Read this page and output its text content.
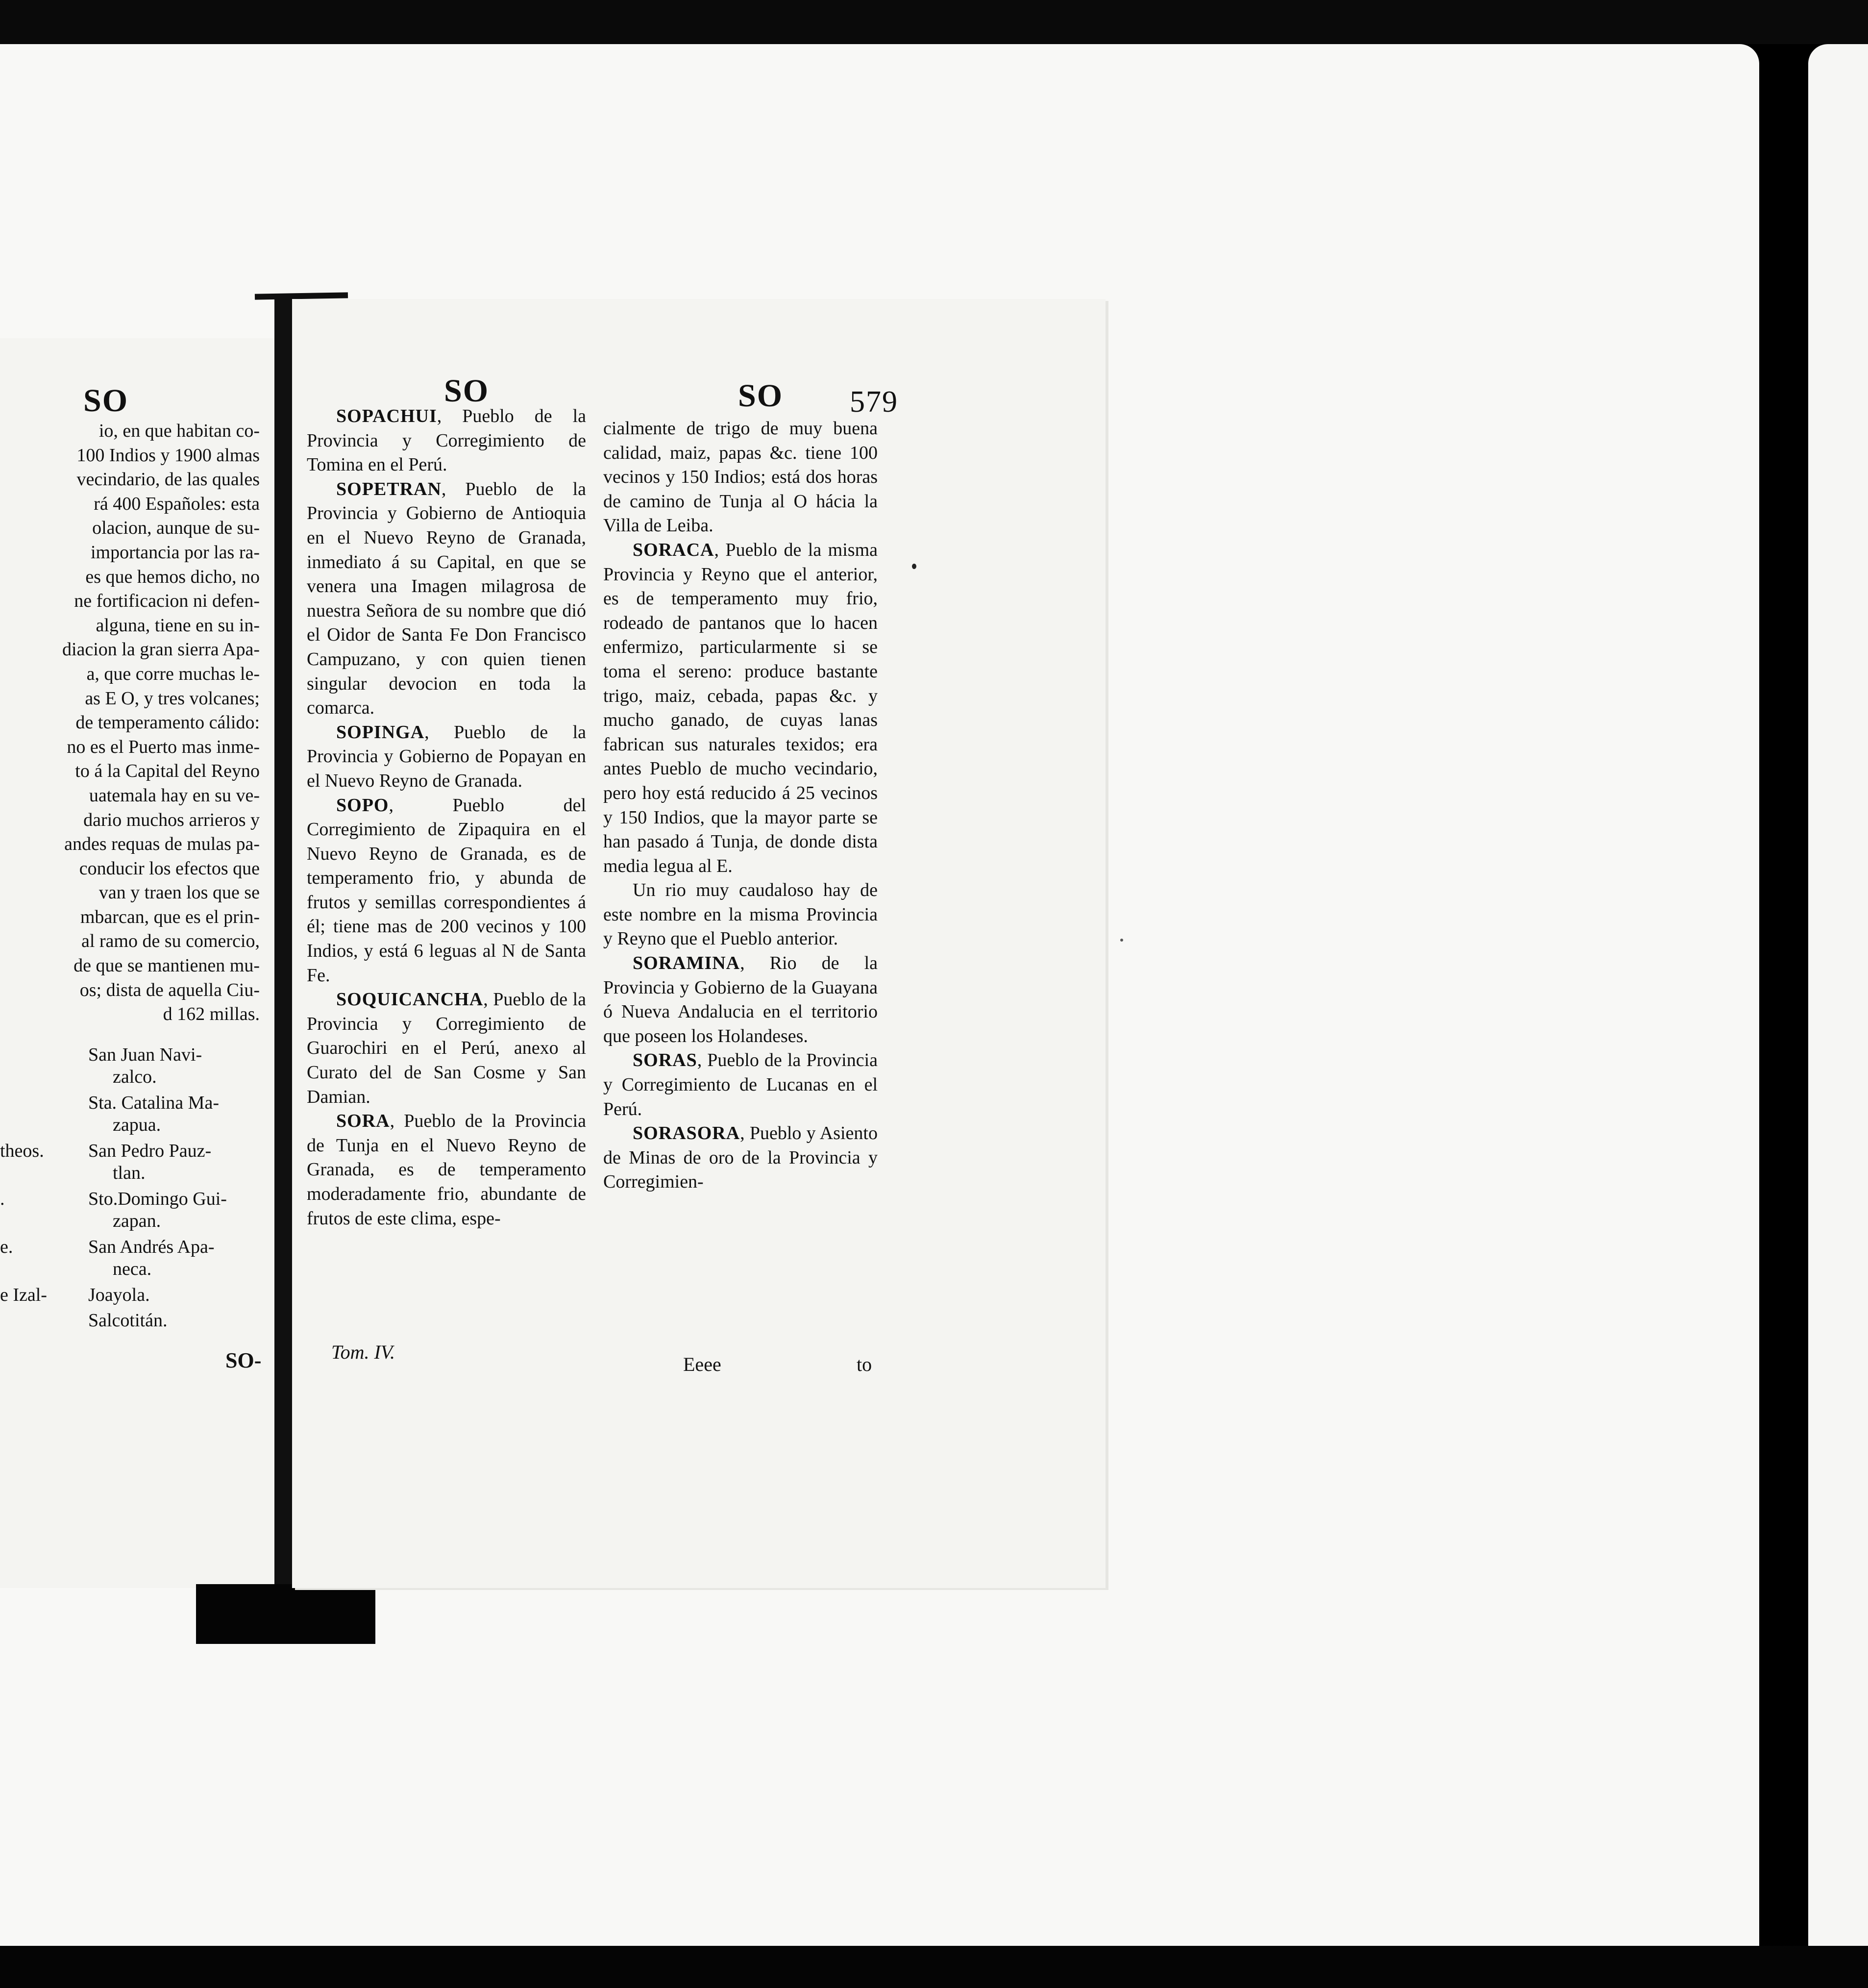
SO

io, en que habitan co-

100 Indios y 1900 almas

vecindario, de las quales

rá 400 Españoles: esta

olacion, aunque de su-

importancia por las ra-

es que hemos dicho, no

ne fortificacion ni defen-

alguna, tiene en su in-

diacion la gran sierra Apa-

a, que corre muchas le-

as E O, y tres volcanes;

de temperamento cálido:

no es el Puerto mas inme-

to á la Capital del Reyno

uatemala hay en su ve-

dario muchos arrieros y

andes requas de mulas pa-

conducir los efectos que

van y traen los que se

mbarcan, que es el prin-

al ramo de su comercio,

de que se mantienen mu-

os; dista de aquella Ciu-

d 162 millas.

San Juan Navi-
zalco.
Sta. Catalina Ma-
zapua.
theos. San Pedro Pauz-
tlan.
.	Sto.Domingo Gui-
zapan.
e.	San Andrés Apa-
neca.
e Izal- Joayola.
Salcotitán.
SO-
SO	SO 579

SOPACHUI, Pueblo de la Provincia y Corregimiento de Tomina en el Perú.

SOPETRAN, Pueblo de la Provincia y Gobierno de Antioquia en el Nuevo Reyno de Granada, inmediato á su Capital, en que se venera una Imagen milagrosa de nuestra Señora de su nombre que dió el Oidor de Santa Fe Don Francisco Campuzano, y con quien tienen singular devocion en toda la comarca.

SOPINGA, Pueblo de la Provincia y Gobierno de Popayan en el Nuevo Reyno de Granada.

SOPO, Pueblo del Corregimiento de Zipaquira en el Nuevo Reyno de Granada, es de temperamento frio, y abunda de frutos y semillas correspondientes á él; tiene mas de 200 vecinos y 100 Indios, y está 6 leguas al N de Santa Fe.

SOQUICANCHA, Pueblo de la Provincia y Corregimiento de Guarochiri en el Perú, anexo al Curato del de San Cosme y San Damian.

SORA, Pueblo de la Provincia de Tunja en el Nuevo Reyno de Granada, es de temperamento moderadamente frio, abundante de frutos de este clima, espe-

cialmente de trigo de muy buena calidad, maiz, papas &c. tiene 100 vecinos y 150 Indios; está dos horas de camino de Tunja al O hácia la Villa de Leiba.

SORACA, Pueblo de la misma Provincia y Reyno que el anterior, es de temperamento muy frio, rodeado de pantanos que lo hacen enfermizo, particularmente si se toma el sereno: produce bastante trigo, maiz, cebada, papas &c. y mucho ganado, de cuyas lanas fabrican sus naturales texidos; era antes Pueblo de mucho vecindario, pero hoy está reducido á 25 vecinos y 150 Indios, que la mayor parte se han pasado á Tunja, de donde dista media legua al E.

Un rio muy caudaloso hay de este nombre en la misma Provincia y Reyno que el Pueblo anterior.

SORAMINA, Rio de la Provincia y Gobierno de la Guayana ó Nueva Andalucia en el territorio que poseen los Holandeses.

SORAS, Pueblo de la Provincia y Corregimiento de Lucanas en el Perú.

SORASORA, Pueblo y Asiento de Minas de oro de la Provincia y Corregimien-

Tom. IV.
Eeee	to
